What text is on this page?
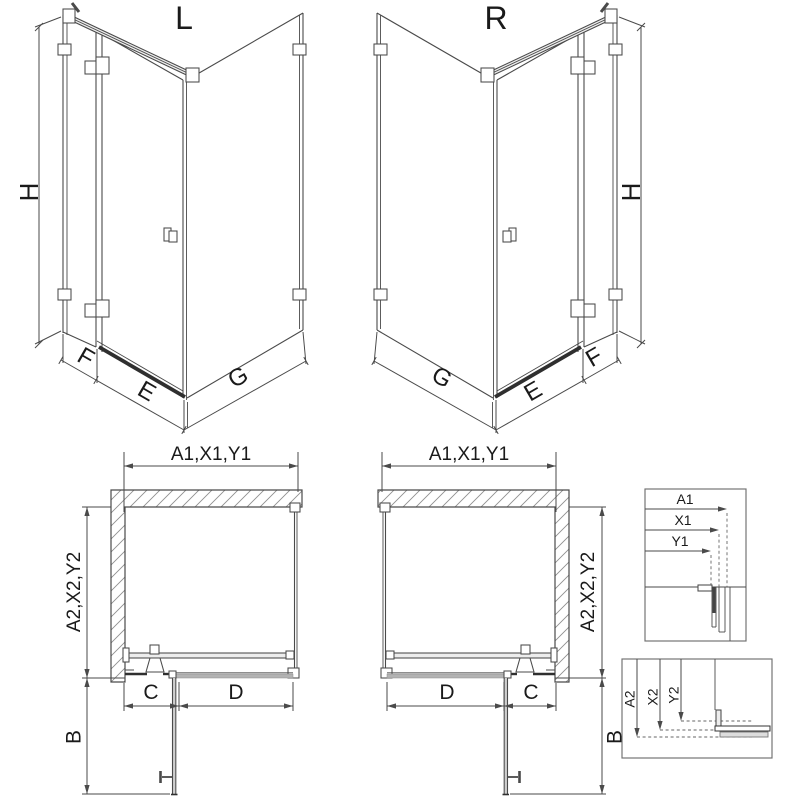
L
H
F
E	G
R
H
F
E
G
A1,X1,Y1
A2,X2,Y2
B
C	D
A1,X1,Y1
A2,X2,Y2
B
D	C
A1
X1
Y1
A2 X2 Y2
